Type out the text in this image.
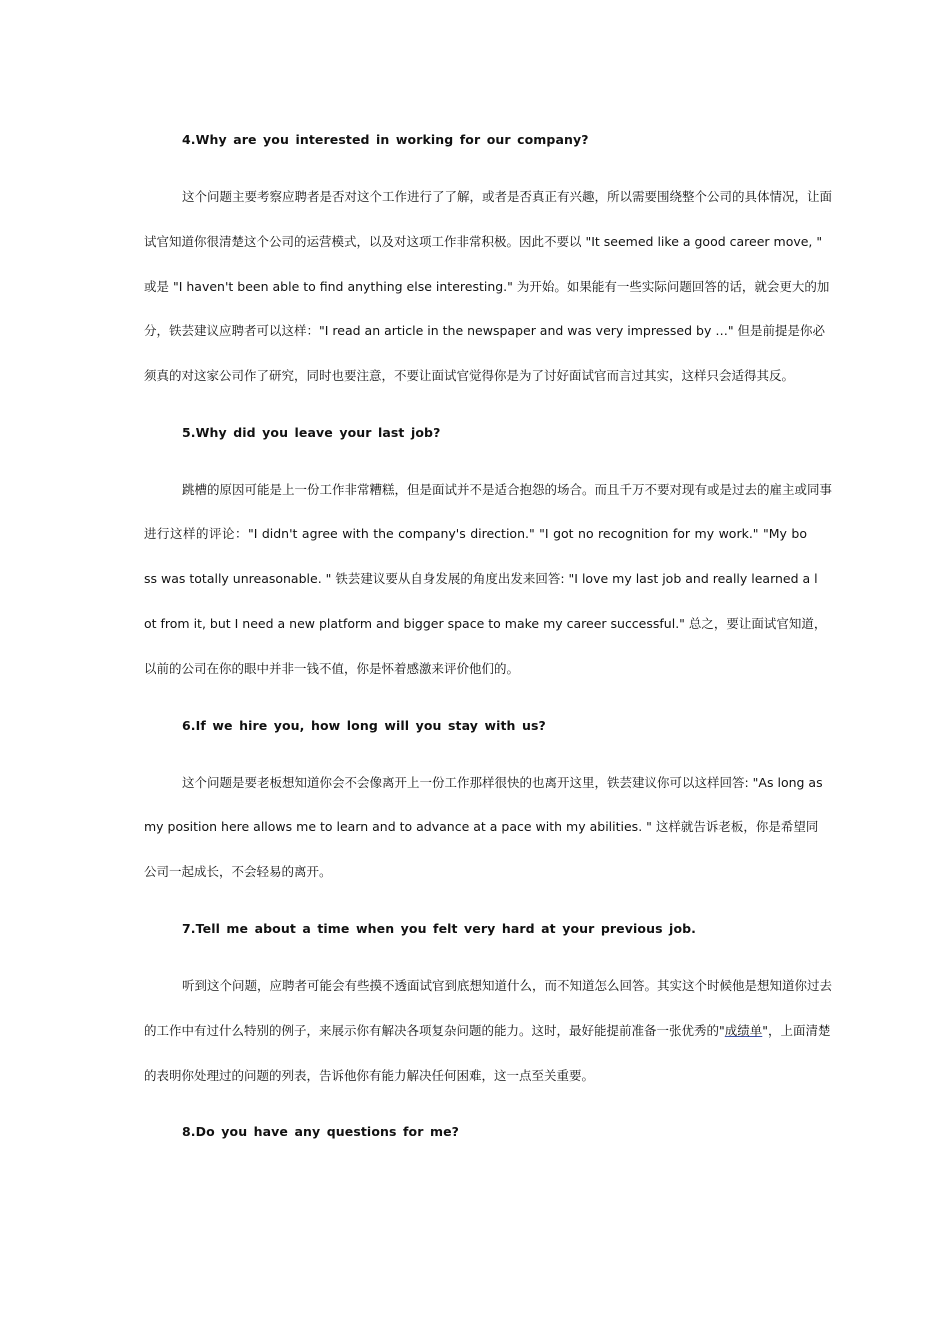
4.Why are you interested in working for our company?
这个问题主要考察应聘者是否对这个工作进行了了解，或者是否真正有兴趣，所以需要围绕整个公司的具体情况，让面
试官知道你很清楚这个公司的运营模式，以及对这项工作非常积极。因此不要以 "It seemed like a good career move, "
或是 "I haven't been able to find anything else interesting." 为开始。如果能有一些实际问题回答的话，就会更大的加
分，铁芸建议应聘者可以这样："I read an article in the newspaper and was very impressed by …" 但是前提是你必
须真的对这家公司作了研究，同时也要注意，不要让面试官觉得你是为了讨好面试官而言过其实，这样只会适得其反。
5.Why did you leave your last job?
跳槽的原因可能是上一份工作非常糟糕，但是面试并不是适合抱怨的场合。而且千万不要对现有或是过去的雇主或同事
进行这样的评论："I didn't agree with the company's direction." "I got no recognition for my work." "My bo
ss was totally unreasonable. " 铁芸建议要从自身发展的角度出发来回答: "I love my last job and really learned a l
ot from it, but I need a new platform and bigger space to make my career successful." 总之，要让面试官知道，
以前的公司在你的眼中并非一钱不值，你是怀着感激来评价他们的。
6.If we hire you, how long will you stay with us?
这个问题是要老板想知道你会不会像离开上一份工作那样很快的也离开这里，铁芸建议你可以这样回答: "As long as
my position here allows me to learn and to advance at a pace with my abilities. " 这样就告诉老板，你是希望同
公司一起成长，不会轻易的离开。
7.Tell me about a time when you felt very hard at your previous job.
听到这个问题，应聘者可能会有些摸不透面试官到底想知道什么，而不知道怎么回答。其实这个时候他是想知道你过去
的工作中有过什么特别的例子，来展示你有解决各项复杂问题的能力。这时，最好能提前准备一张优秀的"成绩单"，上面清楚
的表明你处理过的问题的列表，告诉他你有能力解决任何困难，这一点至关重要。
8.Do you have any questions for me?
